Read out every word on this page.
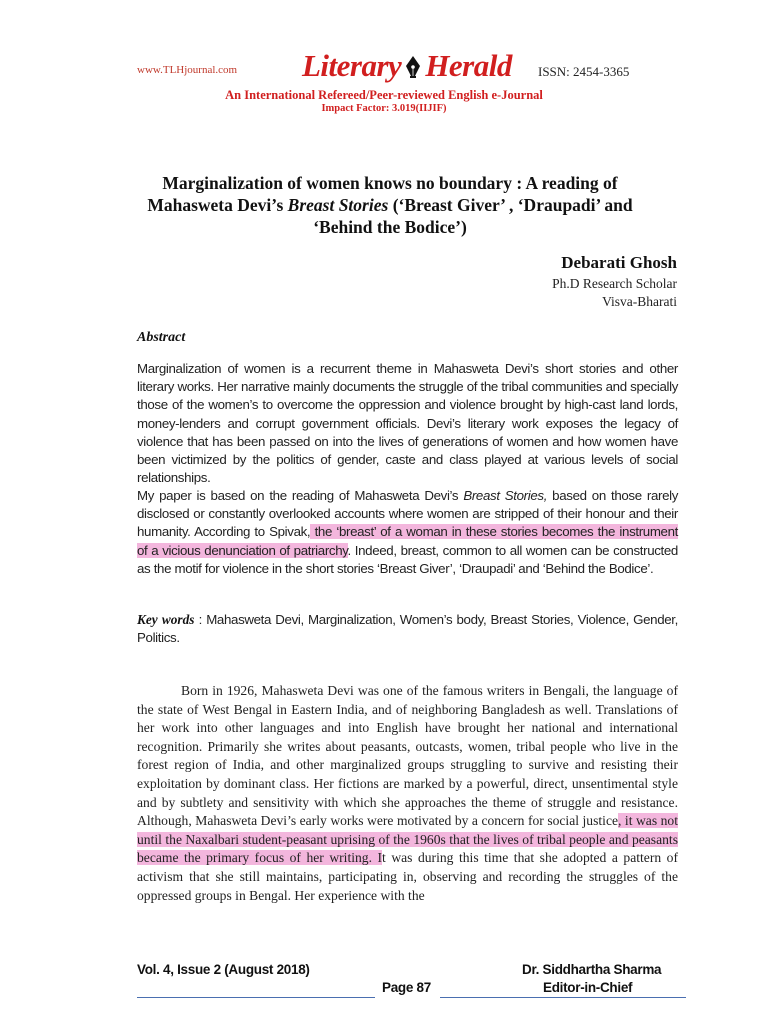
www.TLHjournal.com Literary Herald ISSN: 2454-3365
An International Refereed/Peer-reviewed English e-Journal
Impact Factor: 3.019(IIJIF)
Marginalization of women knows no boundary : A reading of
Mahasweta Devi’s Breast Stories (‘Breast Giver’ , ‘Draupadi’ and
‘Behind the Bodice’)
Debarati Ghosh
Ph.D Research Scholar
Visva-Bharati
Abstract
Marginalization of women is a recurrent theme in Mahasweta Devi’s short stories and other literary works. Her narrative mainly documents the struggle of the tribal communities and specially those of the women’s to overcome the oppression and violence brought by high-cast land lords, money-lenders and corrupt government officials. Devi’s literary work exposes the legacy of violence that has been passed on into the lives of generations of women and how women have been victimized by the politics of gender, caste and class played at various levels of social relationships.
My paper is based on the reading of Mahasweta Devi’s Breast Stories, based on those rarely disclosed or constantly overlooked accounts where women are stripped of their honour and their humanity. According to Spivak, the ‘breast’ of a woman in these stories becomes the instrument of a vicious denunciation of patriarchy. Indeed, breast, common to all women can be constructed as the motif for violence in the short stories ‘Breast Giver’, ‘Draupadi’ and ‘Behind the Bodice’.
Key words : Mahasweta Devi, Marginalization, Women’s body, Breast Stories, Violence, Gender, Politics.
Born in 1926, Mahasweta Devi was one of the famous writers in Bengali, the language of the state of West Bengal in Eastern India, and of neighboring Bangladesh as well. Translations of her work into other languages and into English have brought her national and international recognition. Primarily she writes about peasants, outcasts, women, tribal people who live in the forest region of India, and other marginalized groups struggling to survive and resisting their exploitation by dominant class. Her fictions are marked by a powerful, direct, unsentimental style and by subtlety and sensitivity with which she approaches the theme of struggle and resistance. Although, Mahasweta Devi’s early works were motivated by a concern for social justice, it was not until the Naxalbari student-peasant uprising of the 1960s that the lives of tribal people and peasants became the primary focus of her writing. It was during this time that she adopted a pattern of activism that she still maintains, participating in, observing and recording the struggles of the oppressed groups in Bengal. Her experience with the
Vol. 4, Issue 2 (August 2018)	Dr. Siddhartha Sharma
Page 87	Editor-in-Chief
